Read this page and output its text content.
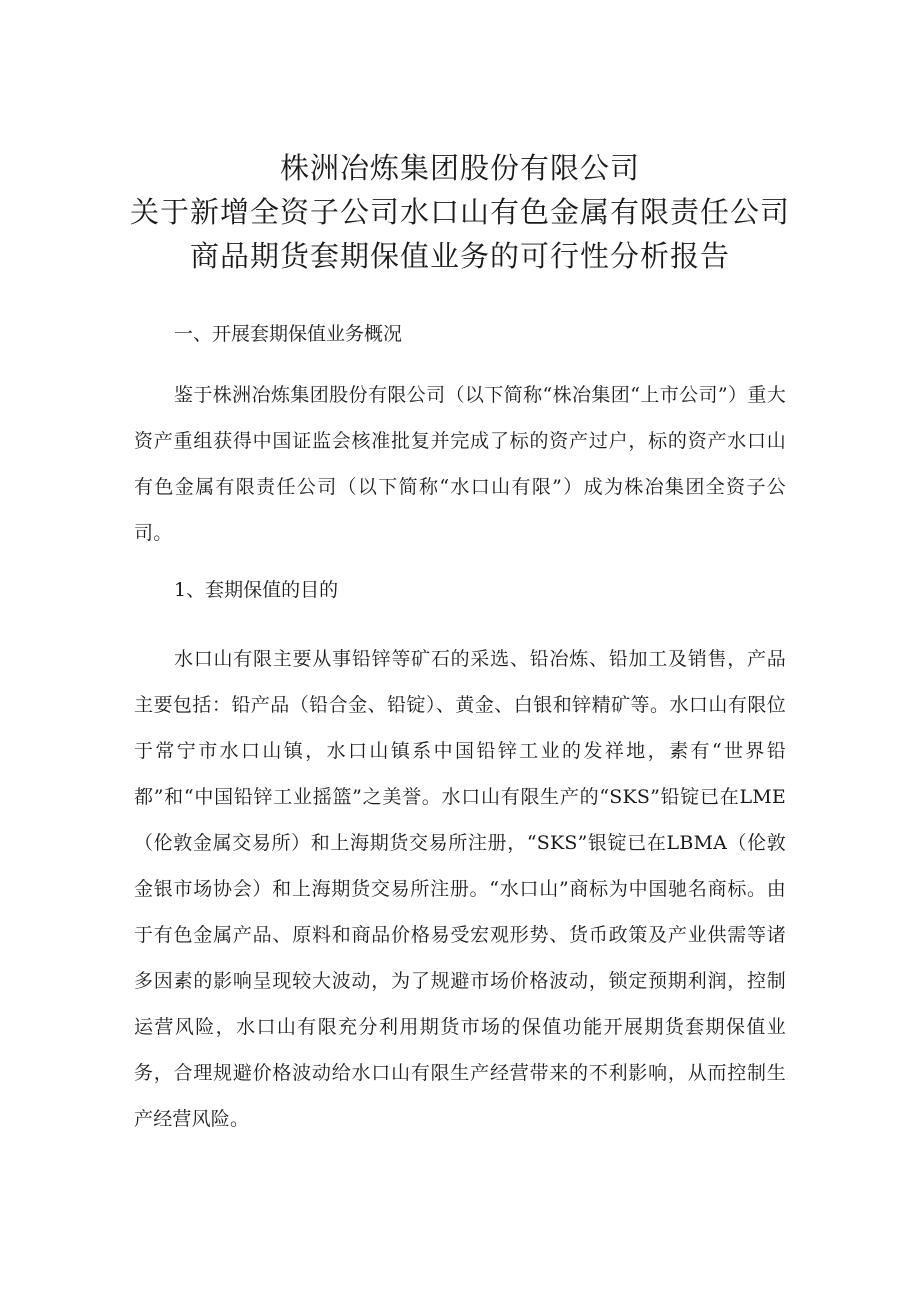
株洲冶炼集团股份有限公司

关于新增全资子公司水口山有色金属有限责任公司

商品期货套期保值业务的可行性分析报告

一、开展套期保值业务概况

鉴于株洲冶炼集团股份有限公司（以下简称“株冶集团“上市公司”）重大资产重组获得中国证监会核准批复并完成了标的资产过户，标的资产水口山有色金属有限责任公司（以下简称“水口山有限”）成为株冶集团全资子公司。

1、套期保值的目的

水口山有限主要从事铅锌等矿石的采选、铅冶炼、铅加工及销售，产品主要包括：铅产品（铅合金、铅锭）、黄金、白银和锌精矿等。水口山有限位于常宁市水口山镇，水口山镇系中国铅锌工业的发祥地，素有“世界铅都”和“中国铅锌工业摇篮”之美誉。水口山有限生产的“SKS”铅锭已在LME（伦敦金属交易所）和上海期货交易所注册，“SKS”银锭已在LBMA（伦敦金银市场协会）和上海期货交易所注册。“水口山”商标为中国驰名商标。由于有色金属产品、原料和商品价格易受宏观形势、货币政策及产业供需等诸多因素的影响呈现较大波动，为了规避市场价格波动，锁定预期利润，控制运营风险，水口山有限充分利用期货市场的保值功能开展期货套期保值业务，合理规避价格波动给水口山有限生产经营带来的不利影响，从而控制生产经营风险。
